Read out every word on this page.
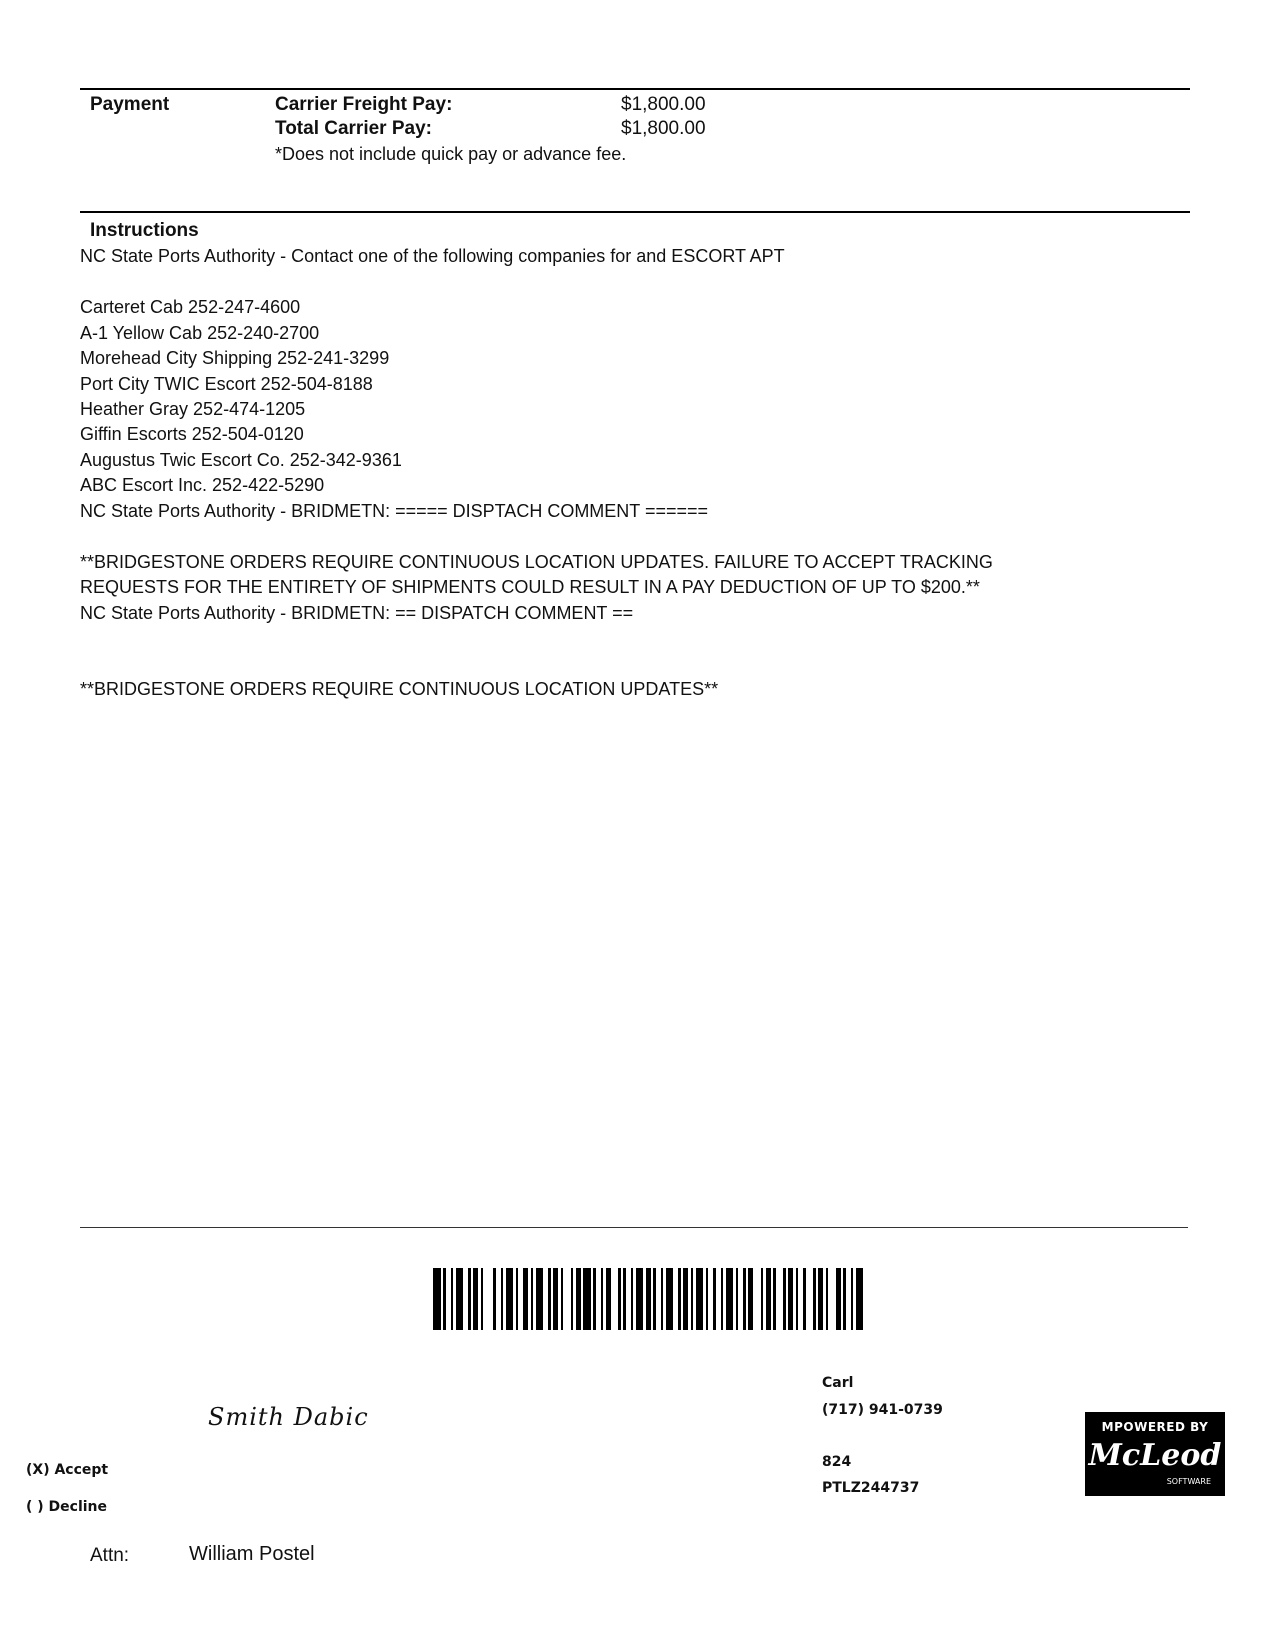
Payment	Carrier Freight Pay:	$1,800.00
Total Carrier Pay:	$1,800.00
*Does not include quick pay or advance fee.
Instructions
NC State Ports Authority - Contact one of the following companies for and ESCORT APT
Carteret Cab 252-247-4600
A-1 Yellow Cab 252-240-2700
Morehead City Shipping 252-241-3299
Port City TWIC Escort 252-504-8188
Heather Gray 252-474-1205
Giffin Escorts 252-504-0120
Augustus Twic Escort Co. 252-342-9361
ABC Escort Inc. 252-422-5290
NC State Ports Authority - BRIDMETN: ===== DISPTACH COMMENT ======
**BRIDGESTONE ORDERS REQUIRE CONTINUOUS LOCATION UPDATES. FAILURE TO ACCEPT TRACKING
REQUESTS FOR THE ENTIRETY OF SHIPMENTS COULD RESULT IN A PAY DEDUCTION OF UP TO $200.**
NC State Ports Authority - BRIDMETN: == DISPATCH COMMENT ==
**BRIDGESTONE ORDERS REQUIRE CONTINUOUS LOCATION UPDATES**
Smith Dabic
(X) Accept
( ) Decline
Carl
(717) 941-0739
824
PTLZ244737
MPOWERED BY
McLeod
SOFTWARE
Attn:	William Postel
